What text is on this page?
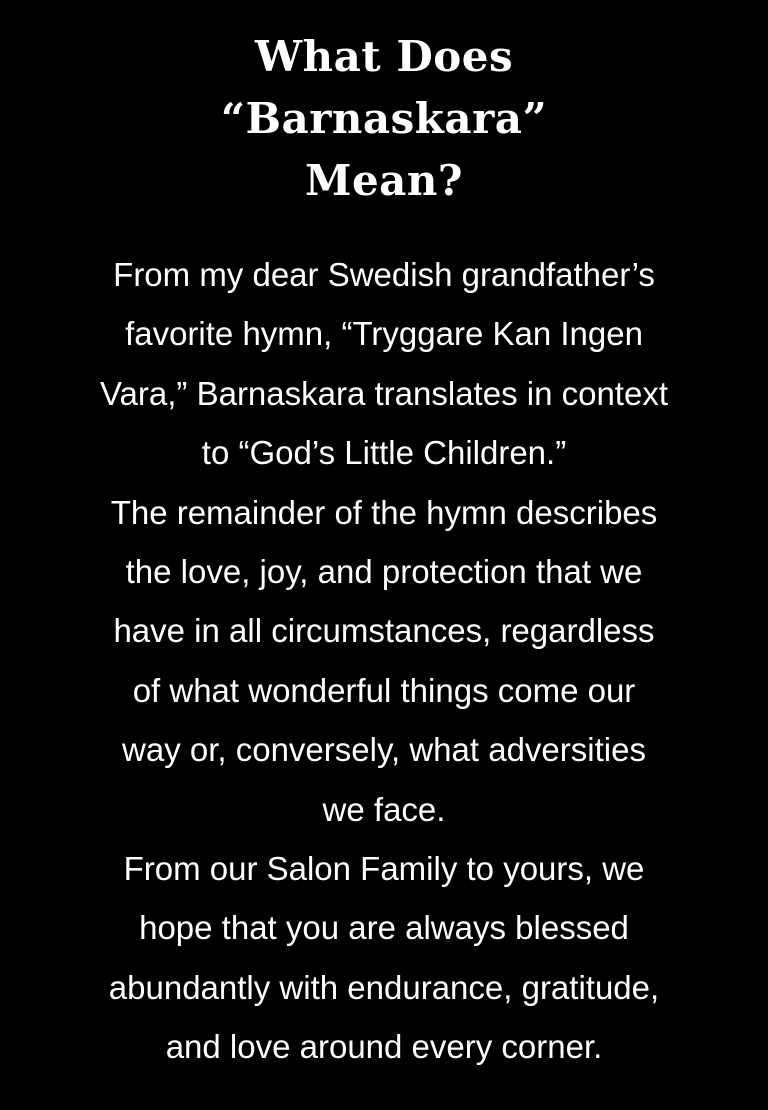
What Does
“Barnaskara”
Mean?
From my dear Swedish grandfather’s
favorite hymn, “Tryggare Kan Ingen
Vara,” Barnaskara translates in context
to “God’s Little Children.”
The remainder of the hymn describes
the love, joy, and protection that we
have in all circumstances, regardless
of what wonderful things come our
way or, conversely, what adversities
we face.
From our Salon Family to yours, we
hope that you are always blessed
abundantly with endurance, gratitude,
and love around every corner.
